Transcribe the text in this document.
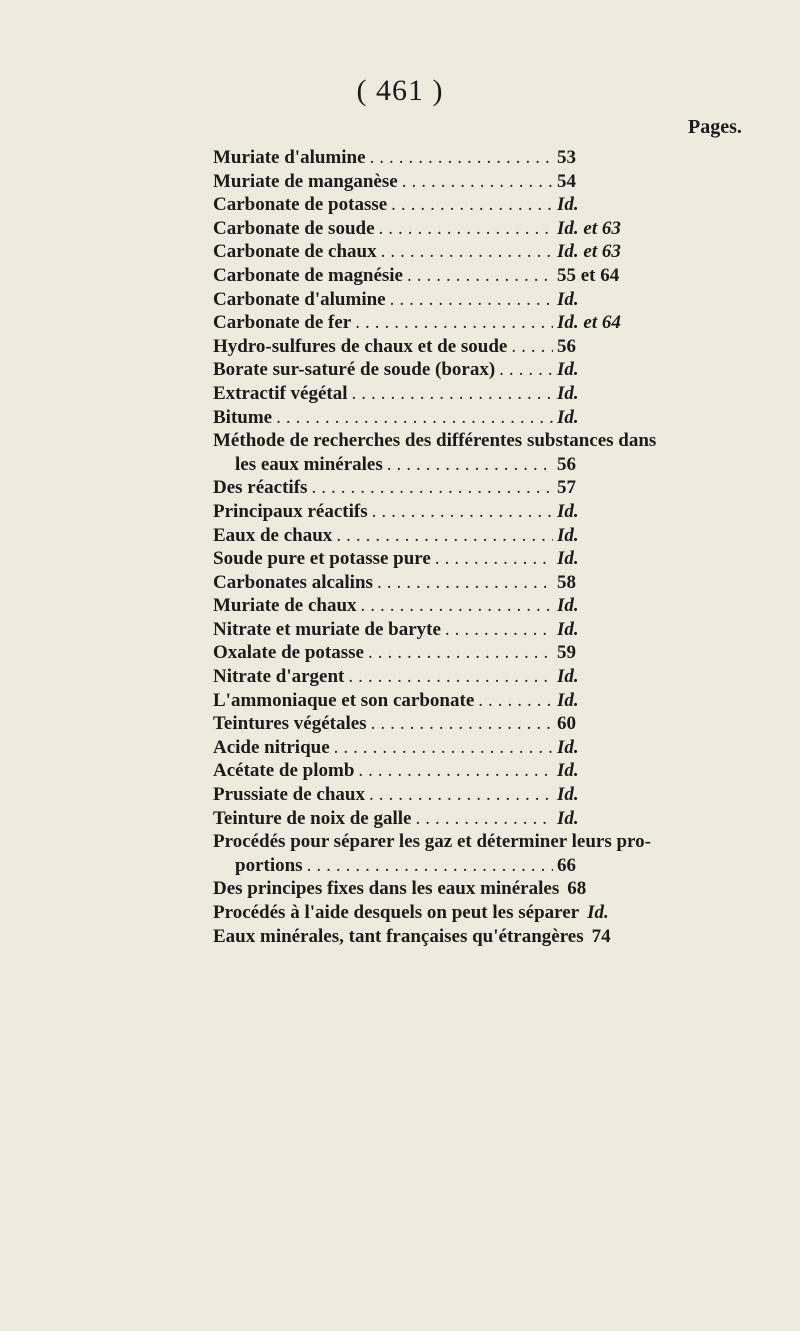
( 461 )
Pages.
Muriate d'alumine .....	53
Muriate de manganèse .....	54
Carbonate de potasse .....	Id.
Carbonate de soude .....	Id. et 63
Carbonate de chaux .....	Id. et 63
Carbonate de magnésie .....	55 et 64
Carbonate d'alumine .....	Id.
Carbonate de fer .....	Id. et 64
Hydro-sulfures de chaux et de soude .....	56
Borate sur-saturé de soude (borax) .....	Id.
Extractif végétal .....	Id.
Bitume .....	Id.
Méthode de recherches des différentes substances dans
les eaux minérales .....	56
Des réactifs .....	57
Principaux réactifs .....	Id.
Eaux de chaux .....	Id.
Soude pure et potasse pure .....	Id.
Carbonates alcalins .....	58
Muriate de chaux .....	Id.
Nitrate et muriate de baryte .....	Id.
Oxalate de potasse .....	59
Nitrate d'argent .....	Id.
L'ammoniaque et son carbonate .....	Id.
Teintures végétales .....	60
Acide nitrique .....	Id.
Acétate de plomb .....	Id.
Prussiate de chaux .....	Id.
Teinture de noix de galle .....	Id.
Procédés pour séparer les gaz et déterminer leurs pro-
portions .....	66
Des principes fixes dans les eaux minérales 68
Procédés à l'aide desquels on peut les séparer Id.
Eaux minérales, tant françaises qu'étrangères 74
